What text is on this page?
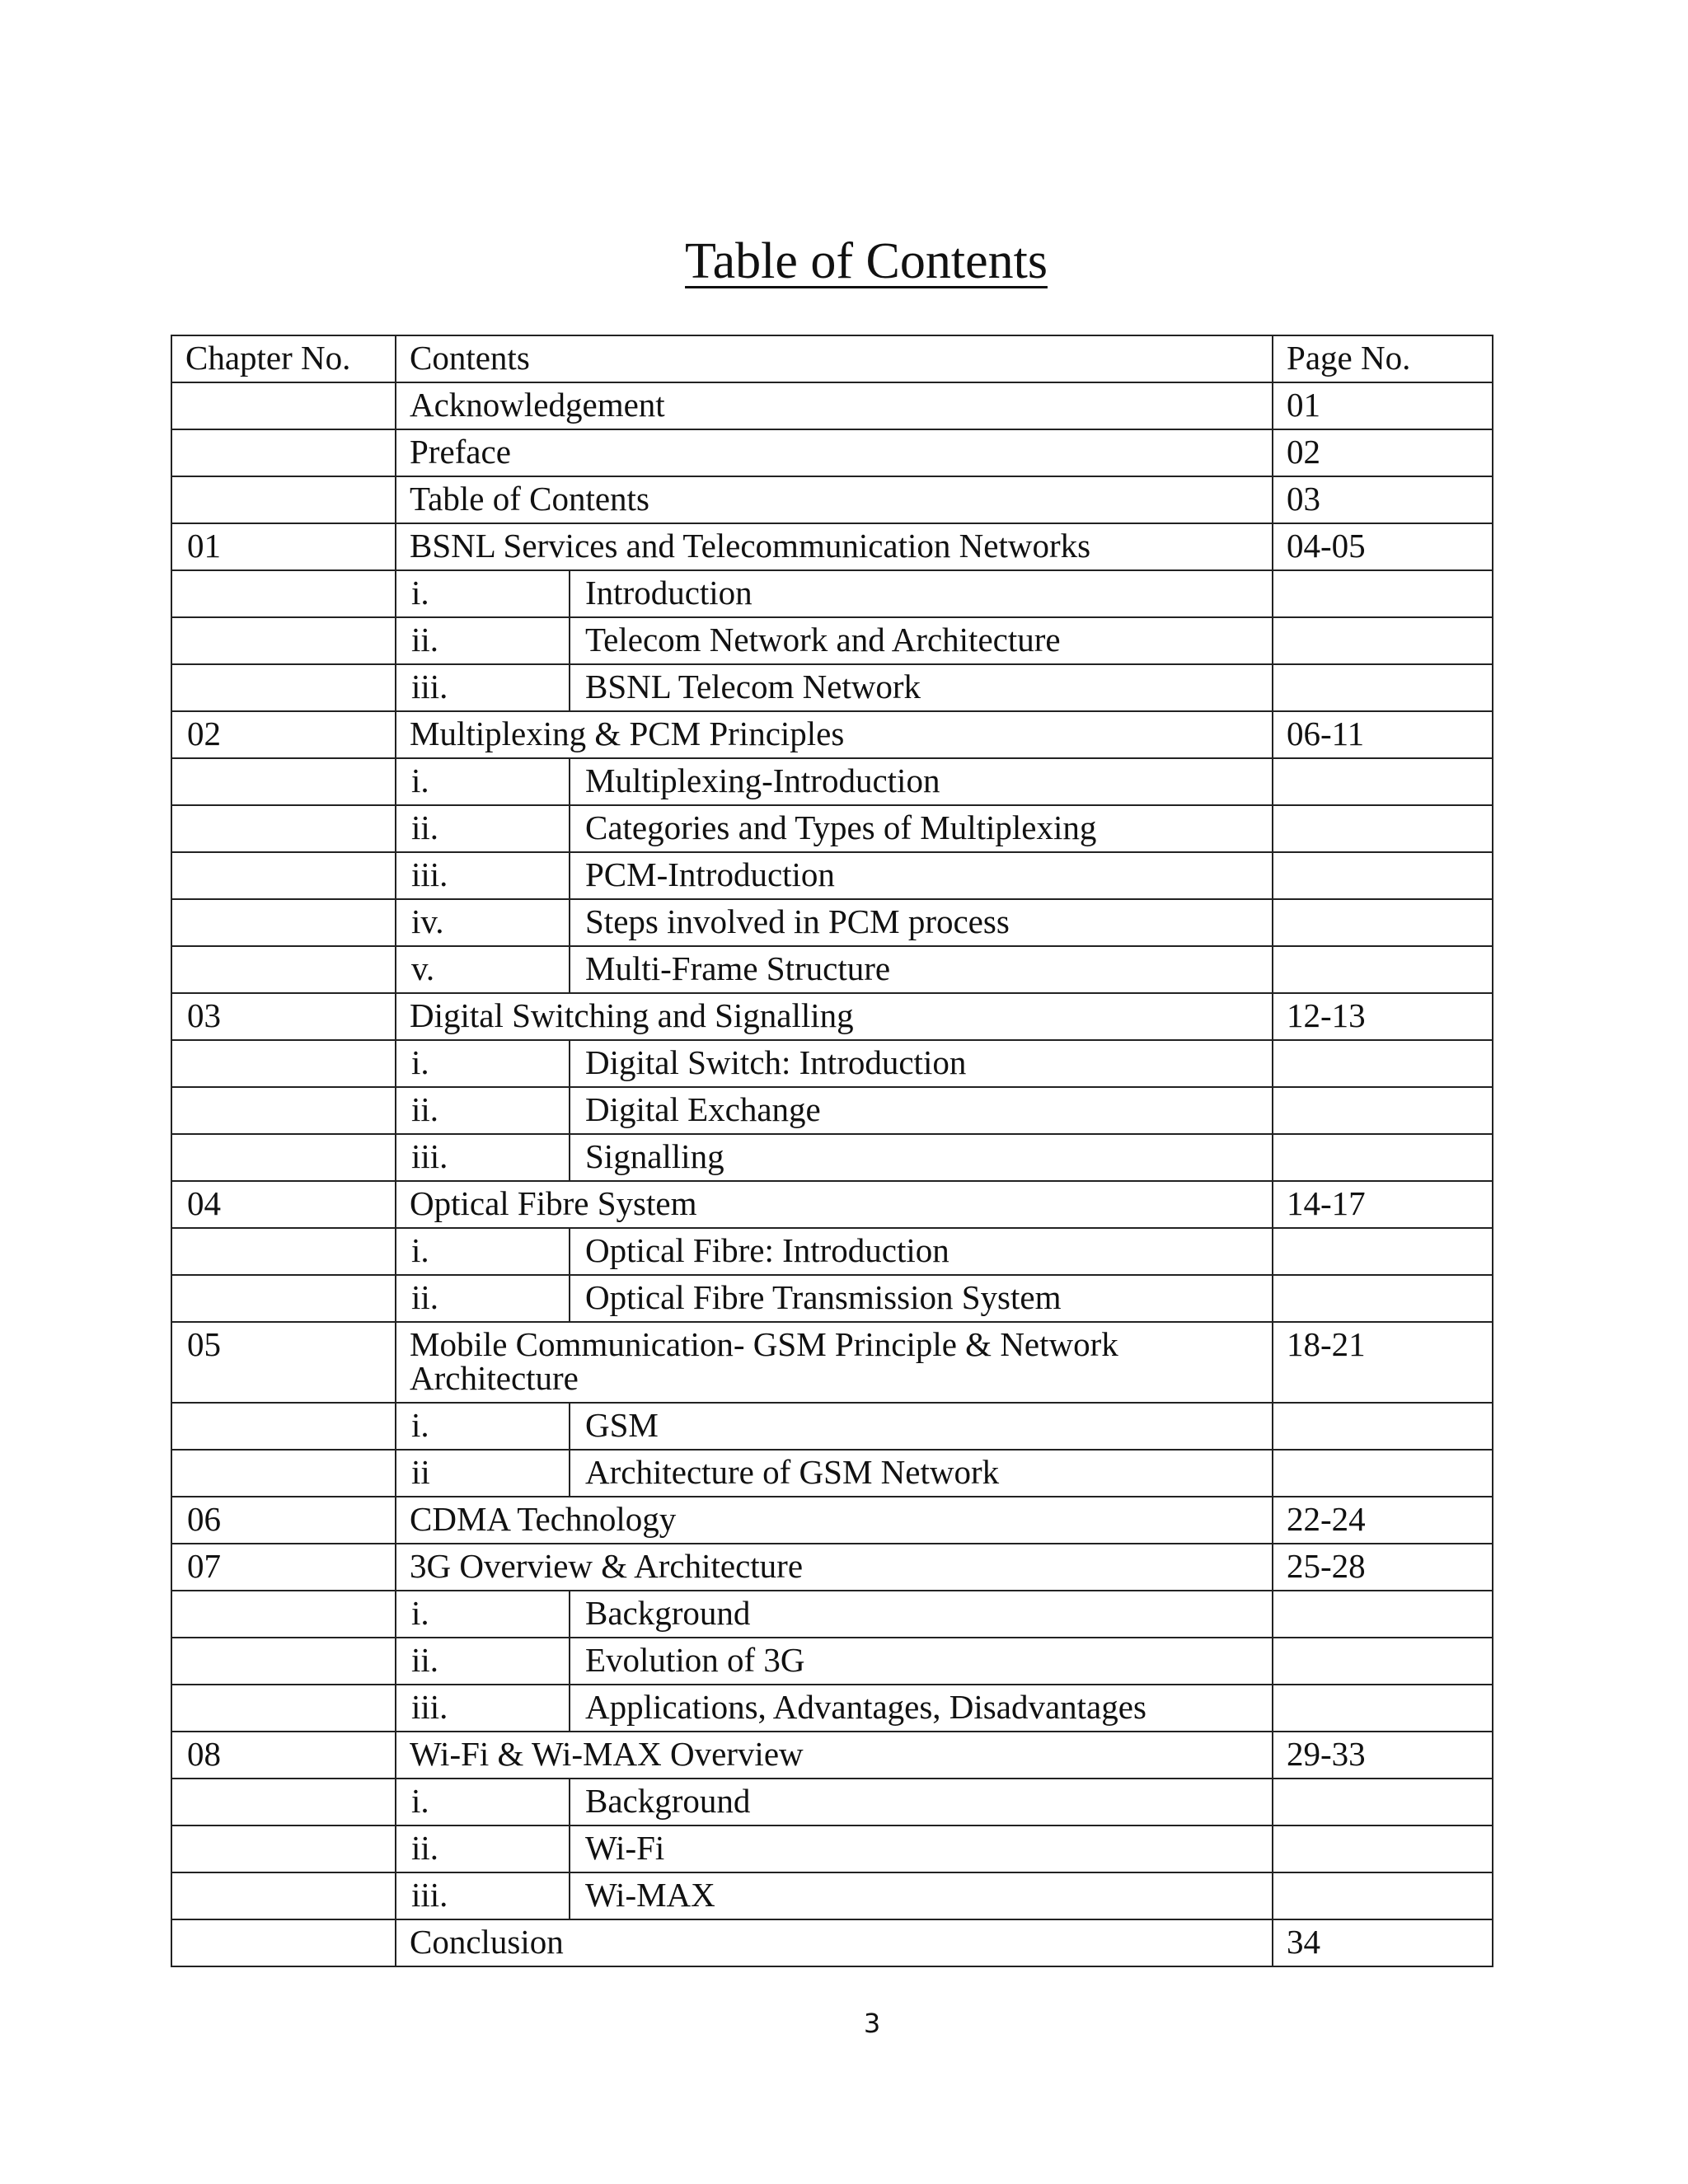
Table of Contents
Chapter No.	Contents		Page No.
	Acknowledgement		01
	Preface		02
	Table of Contents		03
01	BSNL Services and Telecommunication Networks		04-05
	i.	Introduction	
	ii.	Telecom Network and Architecture	
	iii.	BSNL Telecom Network	
02	Multiplexing & PCM Principles		06-11
	i.	Multiplexing-Introduction	
	ii.	Categories and Types of Multiplexing	
	iii.	PCM-Introduction	
	iv.	Steps involved in PCM process	
	v.	Multi-Frame Structure	
03	Digital Switching and Signalling		12-13
	i.	Digital Switch: Introduction	
	ii.	Digital Exchange	
	iii.	Signalling	
04	Optical Fibre System		14-17
	i.	Optical Fibre: Introduction	
	ii.	Optical Fibre Transmission System	
05	Mobile Communication- GSM Principle & Network Architecture		18-21
	i.	GSM	
	ii	Architecture of GSM Network	
06	CDMA Technology		22-24
07	3G Overview & Architecture		25-28
	i.	Background	
	ii.	Evolution of 3G	
	iii.	Applications, Advantages, Disadvantages	
08	Wi-Fi & Wi-MAX Overview		29-33
	i.	Background	
	ii.	Wi-Fi	
	iii.	Wi-MAX	
	Conclusion		34
3
